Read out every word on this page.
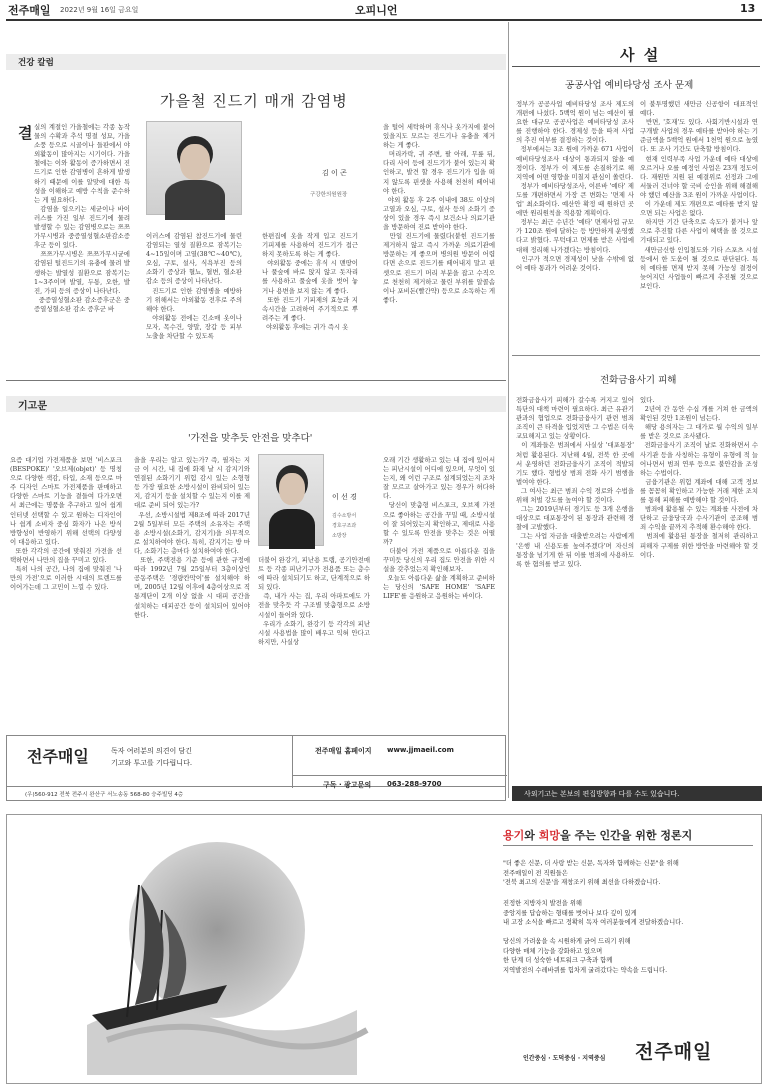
전주매일 2022년 9월 16일 금요일	오피니언	13
건강 칼럼
가을철 진드기 매개 감염병
결 실의 계절인 가을철에는 각종 농작물의 수확과 추석 명절 성묘, 가을소풍 등으로 시골이나 들판에서 야외활동이 많아지는 시기이다. 가을철에는 이와 활동이 증가하면서 진드기로 인한 감염병이 흔하게 발생하기 때문에 이를 알맞에 대한 특성을 이해하고 예방 수칙을 준수하는 게 필요하다.
감염을 일으키는 세균이나 바이러스를 가진 일부 진드기에 물려 발생할 수 있는 감염병으로는 쯔쯔가무시병과 중증열성혈소판감소증후군 등이 있다.
쯔쯔가무시병은 쯔쯔가무시균에 감염된 털진드기의 유충에 물려 발생하는 발열성 질환으로 잠복기는 1~3주이며 발열, 두통, 오한, 발진, 가피 등의 증상이 나타난다.
중증열성혈소판 감소증후군은 중증열성혈소판 감소 증후군 바
김 이 곤
구강한의원원장
이러스에 감염된 참진드기에 물린 감염되는 열성 질환으로 잠복기는 4~15일이며 고열(38℃~40℃), 오심, 구토, 설사, 식욕부진 등의 소화기 증상과 혈뇨, 혈변, 혈소판 감소 등의 증상이 나타난다.
진드기로 인한 감염병을 예방하기 위해서는 야외활동 전후로 주의해야 한다.
야외활동 전에는 긴소매 옷이나 모자, 목수건, 양말, 장갑 등 피부 노출을 차단할 수 있도록
한편집에 옷을 작게 입고 진드기 기피제를 사용하여 진드기가 접근하지 못하도록 하는 게 좋다.
야외활동 중에는 휴식 시 맨땅이나 풀숲에 바로 앉지 않고 돗자리를 사용하고 풀숲에 옷을 벗어 놓거나 용변을 보지 않는 게 좋다.
또한 진드기 기피제의 효능과 지속시간을 고려하여 주기적으로 뿌려주는 게 좋다.
야외활동 후에는 귀가 즉시 옷
을 털어 세탁하며 휴식나 옷가지에 붙어 있을지도 모르는 진드기나 유충을 제거하는 게 좋다.
머리카락, 귀 주변, 팔 아래, 무릎 뒤, 다리 사이 등에 진드기가 붙어 있는지 확인하고, 발견 할 경우 진드기가 입을 떠지 않도록 핀셋을 사용해 천천히 떼어내야 한다.
야외 활동 후 2주 이내에 38도 이상의 고열과 오심, 구토, 설사 등의 소화기 증상이 있을 경우 즉시 보건소나 의료기관을 방문하여 진료 받아야 한다.
만일 진드기에 물렸다(붙힌 진드기를 제거하지 않고 즉시 가까운 의료기관에 방문하는 게 좋으며 병의원 방문이 어렵다면 손으로 진드기를 떼어내지 말고 핀셋으로 진드기 머리 부분을 잡고 수직으로 천천히 제거하고 물린 부위를 알콜솜이나 포비돈(빨간약) 등으로 소독하는 게 좋다.
기고문
'가전을 맞추듯 안전을 맞추다'
요즘 대기업 가전제품을 보면 '비스포크(BESPOKE)' '오브제(objet)' 등 명칭으로 다양한 색감, 타입, 소재 등으로 마주 디자인 스마트 가전제품을 판매하고 다양한 스마트 기능을 곁들여 다가오면서 최근에는 명품을 추구하고 있어 쉽게 인터넷 선택할 수 있고 원하는 디자인이나 쉽게 소비자 중심 화자가 나은 방식 방향성이 반영하기 위해 선택의 다양성이 대응하고 있다.
또한 각각의 공간에 맞춰진 가전을 선택하면서 나만의 집을 꾸미고 있다.
특히 나의 공간, 나의 집에 맞춰진 '나만의 가전'으로 이러한 시대의 트렌드를 이어가는데 그 고민이 느낄 수 있다.
을을 우리는 알고 있는가? 즉, 필자는 지금 이 시간, 내 집에 화재 날 시 감지기와 연결된 소화기기 위험 감시 있는 소형형 등 가장 필요한 소방시설이 완비되어 있는지, 감지기 등을 설치할 수 있는지 이를 제대로 준비 되어 있는가?
우선, 소방시설법 제8조에 따라 2017년 2월 5일부터 모든 주택의 소유자는 주택용 소방시설(소화기, 감지기)을 의무적으로 설치하여야 한다. 특히, 감지기는 방 마다, 소화기는 층마다 설치하여야 한다.
또한, 주택전용 기준 등에 관한 규정에 따라 1992년 7월 25일부터 3층이상인 공동주택은 '경량칸막이'를 설치해야 하며, 2005년 12월 이후에 4층이상으로 직통계단이 2개 이상 없을 시 대피 공간을 설치하는 대피공간 등이 설치되어 있어야 한다.
이 선 경
김수소방서
경호구조과
소방장
더불어 완강기, 피난용 트랩, 공기안전매트 등 각종 피난기구가 전용품 또는 층수에 따라 설치되기도 하고, 단계적으로 하되 있다.
즉, 내가 사는 집, 우리 아파트에도 가전을 맞추듯 각 구조별 맞춤형으로 소방시설이 들어와 있다.
우리가 소화기, 완강기 등 각각의 피난시설 사용법을 많이 배우고 익혀 안다고 하지만, 사실상
오래 기간 생활하고 있는 내 집에 있어서는 피난시설이 어디에 있으며, 무엇이 있는지, 왜 이런 구조로 설계되었는지 조차 잘 모르고 살아가고 있는 경우가 허다하다.
당신이 맞춤형 비스포크, 오브제 가전으로 좋아하는 공간을 꾸밀 때, 소방시설이 잘 되어있는지 확인하고, 제대로 사용할 수 있도록 안전을 맞추는 것은 어떨까?
더불어 가전 제품으로 아름다운 집을 꾸미듯 당신의 우리 집도 안전을 위한 시설을 갖추었는지 확인해보자.
오늘도 아름다운 삶을 계획하고 준비하는 당신의 'SAFE HOME' 'SAFE LIFE'를 응원하고 응원하는 바이다.
전주매일	독자 여러분의 의견이 담긴
기고와 투고를 기다립니다.
전주매일 홈페이지 www.jjmaeil.com
(우)560-912 전북 전주시 완산구 서노송동 568-80 승주빌딩 4층
구독 · 광고문의 063-288-9700
사 설
공공사업 예비타당성 조사 문제
정부가 공공사업 예비타당성 조사 제도의 개편에 나섰다. 5백억 원이 넘는 예산이 필요한 대규모 공공사업은 예비타당성 조사를 진행하야 한다. 경제성 등을 따져 사업의 추진 여부를 결정하는 것이다.
정부에서는 3조 원에 가까운 671 사업이 예비타당성조사 대상이 통과되지 않을 예정이다. 정부가 이 제도를 손질하기로 해 지역에 어떤 영향을 미칠지 관심이 쏠린다.
정부가 예비타당성조사, 이른바 '예타' 제도를 개편하면서 가장 큰 변화는 '면제 사업' 최소화이다. 예산안 확정 때 원하던 곳에만 원리원칙을 적용할 계획이다.
정부는 최근 수년간 '예타' 면제사업 규모가 120조 원에 달하는 등 방만하게 운영했다고 밝혔다. 무턱대고 면제를 받은 사업에 대해 정리해 나가겠다는 방침이다.
인구가 적으면 경제성이 낮을 수밖에 없어 예타 통과가 어려운 것이다.
이 불투명했던 새만금 신공항이 대표적인 예다.
반면, '호재'도 있다. 사회기반시설과 연구개발 사업의 경우 예타를 받아야 하는 기준금액을 5백억 원에서 1천억 원으로 높였다. 또 조사 기간도 단축할 방침이다.
현재 인력부족 사업 가운데 예타 대상에 오르거나 오를 예정인 사업은 23개 정도이다. 재원만 지원 된 예결위로 선정과 그에 서둘러 건너야 할 국비 승인을 위해 해결해야 했던 예산을 3조 원이 가까운 사업이다.
이 가운데 제도 개편으로 예타를 받지 않으면 되는 사업은 없다.
하지만 기간 단축으로 속도가 붙거나 앞으로 추진할 다른 사업이 혜택을 볼 것으로 기대되고 있다.
새만금신항 인입철도와 기타 스포츠 시설 등에서 한 도움이 될 것으로 판단된다. 특히 예타를 면제 받지 못해 가능성 결정이 늦어지던 사업들이 빠르게 추진될 것으로 보인다.
전화금융사기 피해
전화금융사기 피해가 갈수록 커지고 있어 특단의 대책 마련이 필요하다. 최근 유관기관과의 협업으로 전화금융사기 관련 범죄 조직이 큰 타격을 입었지만 그 수법은 더욱 교묘해지고 있는 상황이다.
이 계좌들은 범죄에서 사실상 '대포통장' 처럼 활용된다. 지난해 4월, 전북 한 곳에서 운영하던 전화금융사기 조직이 적발되기도 했다. 형법상 범죄 전화 사기 범행을 벌여야 한다.
그 여사는 최근 범죄 수익 경로와 수법을 위해 처벌 강도를 높여야 할 것이다.
그는 2019년부터 경기도 등 3개 은행을 대상으로 대포통장이 된 통장과 관련해 경찰에 고발했다.
그는 사업 자금을 대출받으려는 사람에게 '은행 내 신용도를 높여주겠다'며 자신의 통장을 넘기게 한 뒤 이를 범죄에 사용하도록 한 혐의를 받고 있다.
있다.
2년여 간 동안 수십 개를 거쳐 한 금액의 확인된 것만 1조원이 넘는다.
해당 용의자는 그 대가로 월 수익의 일부를 받은 것으로 조사됐다.
전화금융사기 조직이 날로 진화하면서 수사기관 등을 사칭하는 유형이 유형에 적 늘어나면서 범죄 연루 등으로 불안감을 조성하는 수법이다.
금융기관은 위험 계좌에 대해 고객 정보를 꼼꼼히 확인하고 가능한 거래 제한 조치를 통해 피해를 예방해야 할 것이다.
범죄에 활용될 수 있는 계좌를 사전에 차단하고 금융당국과 수사기관이 공조해 범죄 수익을 끝까지 추적해 환수해야 한다.
범죄에 활용된 통장을 철저히 관리하고 피해자 구제를 위한 방안을 마련해야 할 것이다.
사외기고는 본보의 편집방향과 다를 수도 있습니다.
용기와 희망을 주는 인간을 위한 정론지
"더 좋은 신문, 더 사랑 받는 신문, 독자와 함께하는 신문"을 위해
전주매일이 전 직원들은
'전북 최고의 신문'을 재창조키 위해 최선을 다하겠습니다.
진정한 지방자치 발전을 위해
중앙지를 답습하는 형태를 벗어나 보다 깊이 있게
내 고장 소식을 빠르고 정확히 독자 여러분들에게 전달하겠습니다.
당신의 가려움을 속 시원하게 긁어 드리기 위해
다양한 매체 기능을 강화하고 있으며
한 단계 더 성숙한 네트워크 구축과 함께
지역발전의 수레바퀴를 힘차게 굴려갔다는 약속을 드립니다.
인간중심 · 도덕중심 · 지역중심 전주매일
